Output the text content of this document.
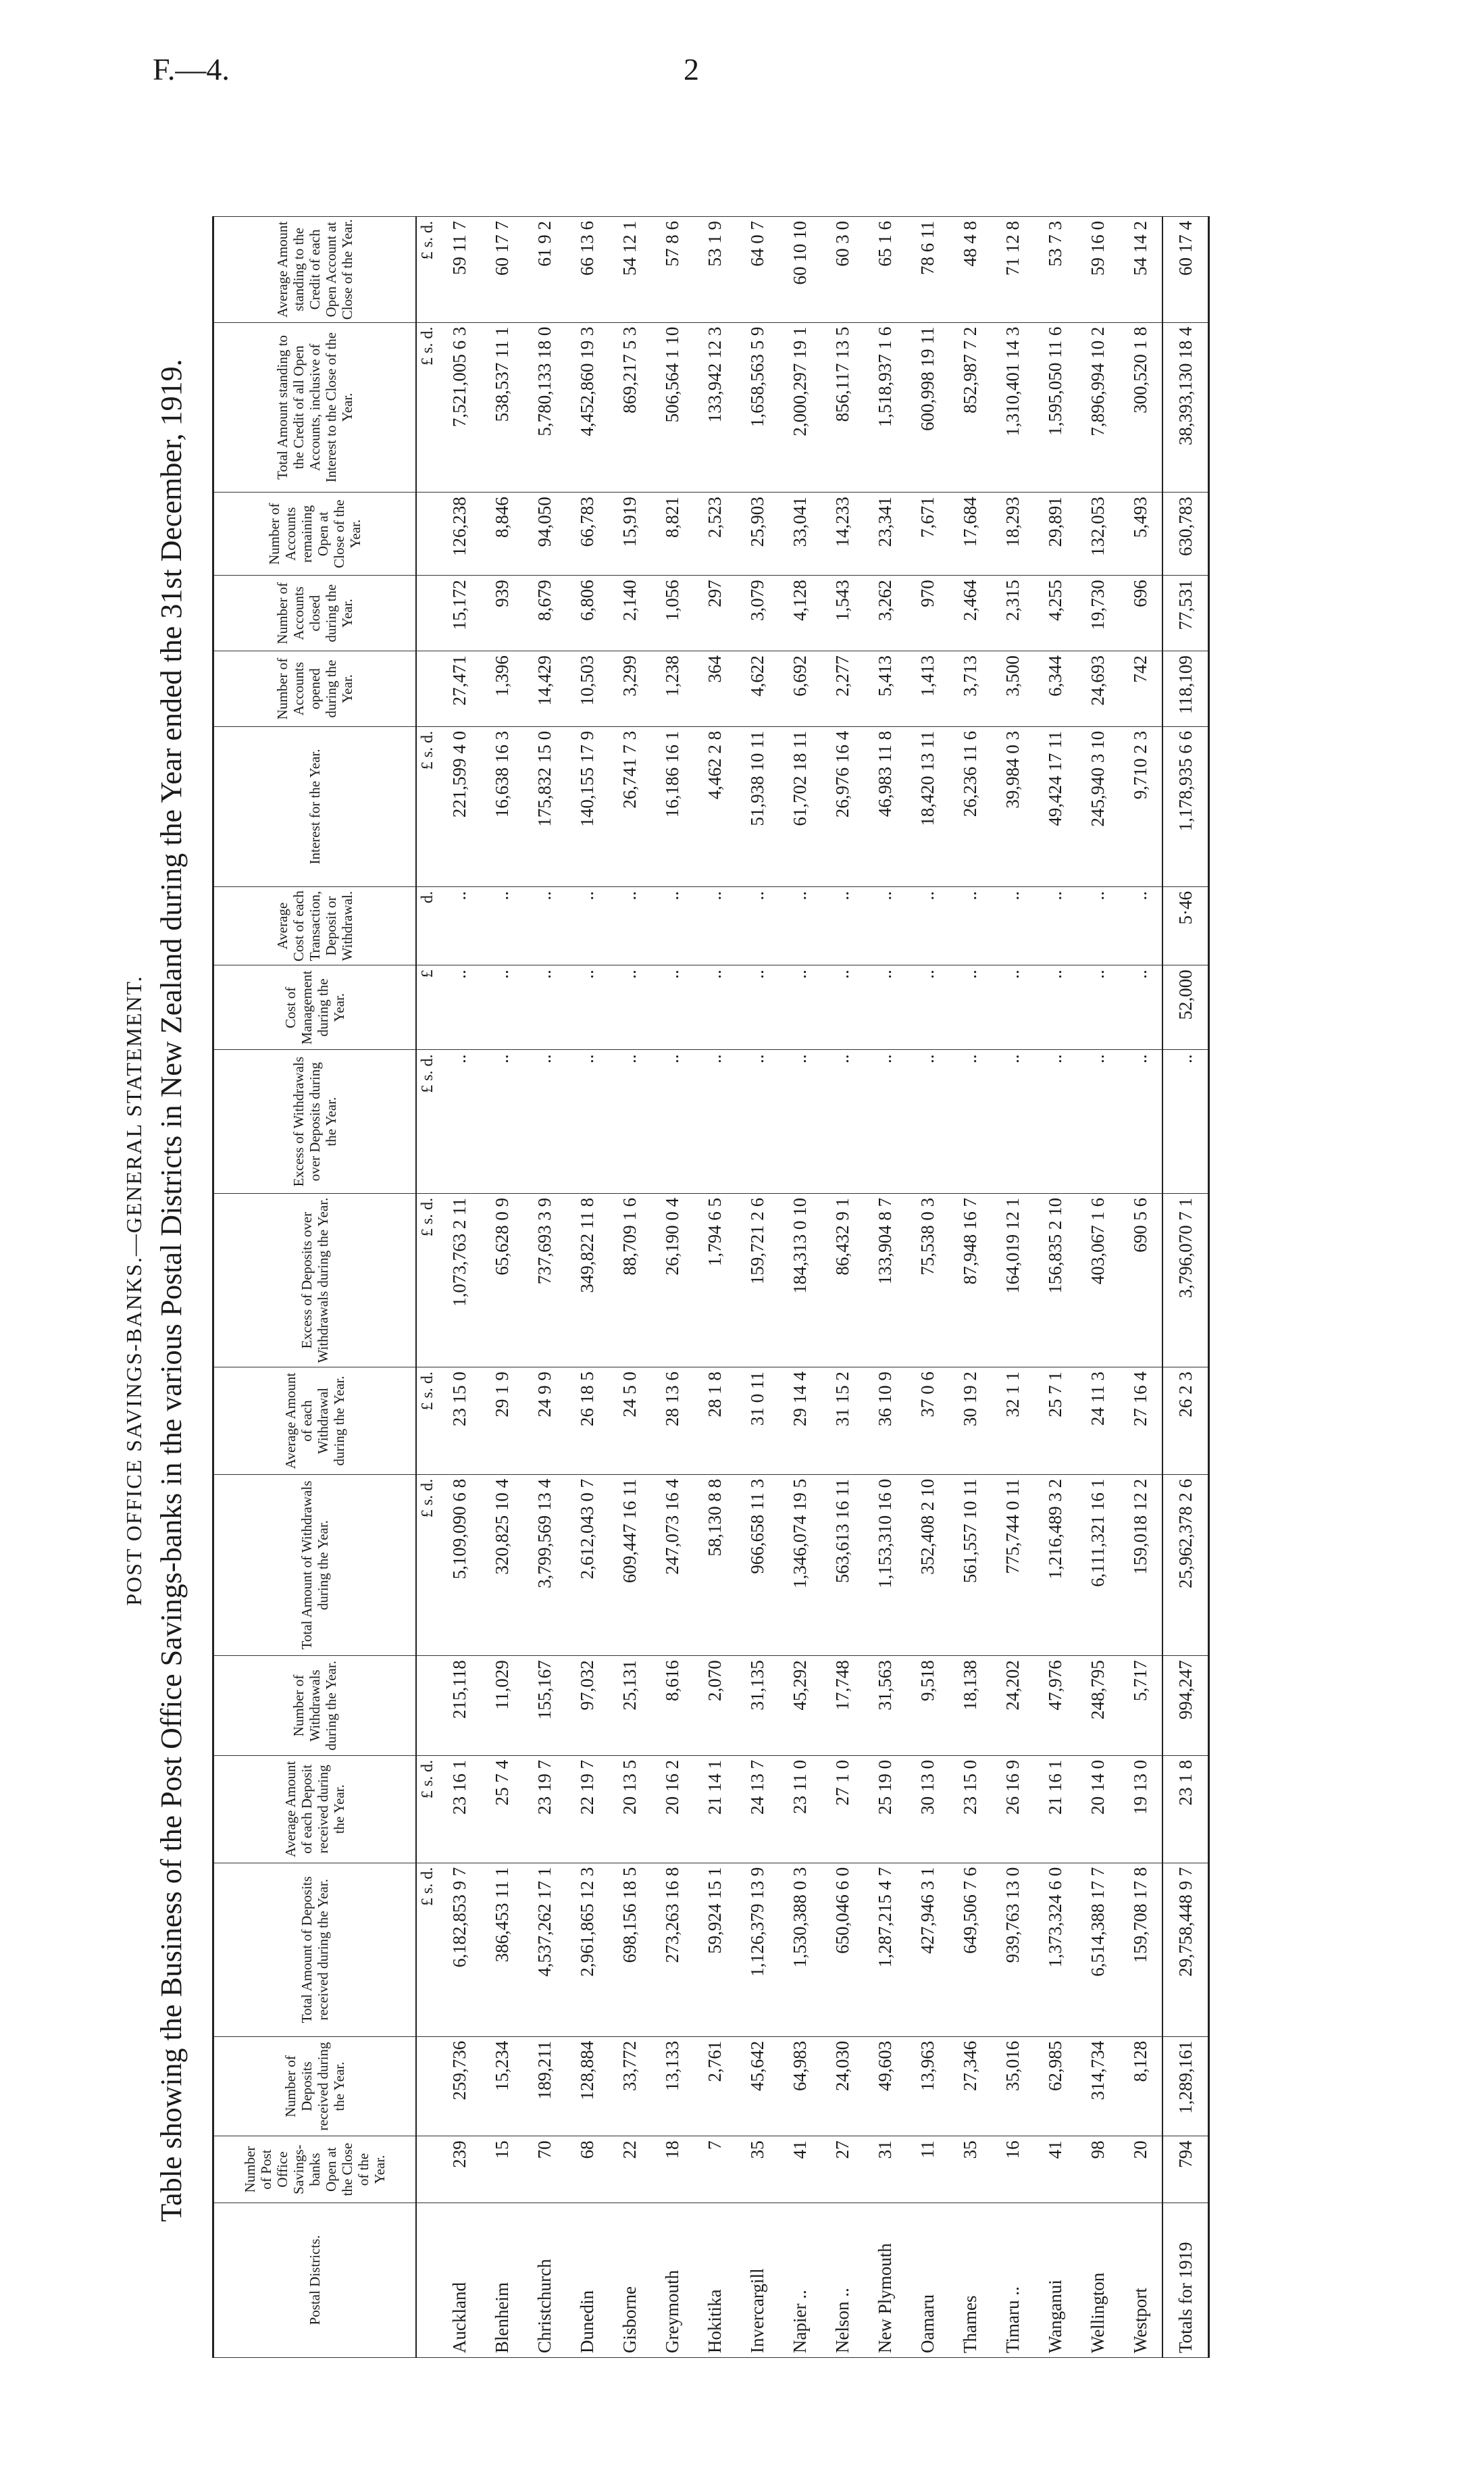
F.—4.	2
POST OFFICE SAVINGS-BANKS.—GENERAL STATEMENT. Table showing the Business of the Post Office Savings-banks in the various Postal Districts in New Zealand during the Year ended the 31st December, 1919.
Postal Districts.	Number of Post Office Savings-banks Open at the Close of the Year.	Number of Deposits received during the Year.	Total Amount of Deposits received during the Year.	Average Amount of each Deposit received during the Year.	Number of Withdrawals during the Year.	Total Amount of Withdrawals during the Year.	Average Amount of each Withdrawal during the Year.	Excess of Deposits over Withdrawals during the Year.	Excess of Withdrawals over Deposits during the Year.	Cost of Management during the Year.	Average Cost of each Transaction, Deposit or Withdrawal.	Interest for the Year.	Number of Accounts opened during the Year.	Number of Accounts closed during the Year.	Number of Accounts remaining Open at Close of the Year.	Total Amount standing to the Credit of all Open Accounts, inclusive of Interest to the Close of the Year.	Average Amount standing to the Credit of each Open Account at Close of the Year.
			£ s. d.	£ s. d.		£ s. d.	£ s. d.	£ s. d.	£ s. d.	£	d.	£ s. d.				£ s. d.	£ s. d.
Auckland	239	259,736	6,182,853 9 7	23 16 1	215,118	5,109,090 6 8	23 15 0	1,073,763 2 11	..	..	..	221,599 4 0	27,471	15,172	126,238	7,521,005 6 3	59 11 7
Blenheim	15	15,234	386,453 11 1	25 7 4	11,029	320,825 10 4	29 1 9	65,628 0 9	..	..	..	16,638 16 3	1,396	939	8,846	538,537 11 1	60 17 7
Christchurch	70	189,211	4,537,262 17 1	23 19 7	155,167	3,799,569 13 4	24 9 9	737,693 3 9	..	..	..	175,832 15 0	14,429	8,679	94,050	5,780,133 18 0	61 9 2
Dunedin	68	128,884	2,961,865 12 3	22 19 7	97,032	2,612,043 0 7	26 18 5	349,822 11 8	..	..	..	140,155 17 9	10,503	6,806	66,783	4,452,860 19 3	66 13 6
Gisborne	22	33,772	698,156 18 5	20 13 5	25,131	609,447 16 11	24 5 0	88,709 1 6	..	..	..	26,741 7 3	3,299	2,140	15,919	869,217 5 3	54 12 1
Greymouth	18	13,133	273,263 16 8	20 16 2	8,616	247,073 16 4	28 13 6	26,190 0 4	..	..	..	16,186 16 1	1,238	1,056	8,821	506,564 1 10	57 8 6
Hokitika	7	2,761	59,924 15 1	21 14 1	2,070	58,130 8 8	28 1 8	1,794 6 5	..	..	..	4,462 2 8	364	297	2,523	133,942 12 3	53 1 9
Invercargill	35	45,642	1,126,379 13 9	24 13 7	31,135	966,658 11 3	31 0 11	159,721 2 6	..	..	..	51,938 10 11	4,622	3,079	25,903	1,658,563 5 9	64 0 7
Napier ..	41	64,983	1,530,388 0 3	23 11 0	45,292	1,346,074 19 5	29 14 4	184,313 0 10	..	..	..	61,702 18 11	6,692	4,128	33,041	2,000,297 19 1	60 10 10
Nelson ..	27	24,030	650,046 6 0	27 1 0	17,748	563,613 16 11	31 15 2	86,432 9 1	..	..	..	26,976 16 4	2,277	1,543	14,233	856,117 13 5	60 3 0
New Plymouth	31	49,603	1,287,215 4 7	25 19 0	31,563	1,153,310 16 0	36 10 9	133,904 8 7	..	..	..	46,983 11 8	5,413	3,262	23,341	1,518,937 1 6	65 1 6
Oamaru	11	13,963	427,946 3 1	30 13 0	9,518	352,408 2 10	37 0 6	75,538 0 3	..	..	..	18,420 13 11	1,413	970	7,671	600,998 19 11	78 6 11
Thames	35	27,346	649,506 7 6	23 15 0	18,138	561,557 10 11	30 19 2	87,948 16 7	..	..	..	26,236 11 6	3,713	2,464	17,684	852,987 7 2	48 4 8
Timaru ..	16	35,016	939,763 13 0	26 16 9	24,202	775,744 0 11	32 1 1	164,019 12 1	..	..	..	39,984 0 3	3,500	2,315	18,293	1,310,401 14 3	71 12 8
Wanganui	41	62,985	1,373,324 6 0	21 16 1	47,976	1,216,489 3 2	25 7 1	156,835 2 10	..	..	..	49,424 17 11	6,344	4,255	29,891	1,595,050 11 6	53 7 3
Wellington	98	314,734	6,514,388 17 7	20 14 0	248,795	6,111,321 16 1	24 11 3	403,067 1 6	..	..	..	245,940 3 10	24,693	19,730	132,053	7,896,994 10 2	59 16 0
Westport	20	8,128	159,708 17 8	19 13 0	5,717	159,018 12 2	27 16 4	690 5 6	..	..	..	9,710 2 3	742	696	5,493	300,520 1 8	54 14 2
Totals for 1919	794	1,289,161	29,758,448 9 7	23 1 8	994,247	25,962,378 2 6	26 2 3	3,796,070 7 1	..	52,000	5·46	1,178,935 6 6	118,109	77,531	630,783	38,393,130 18 4	60 17 4
